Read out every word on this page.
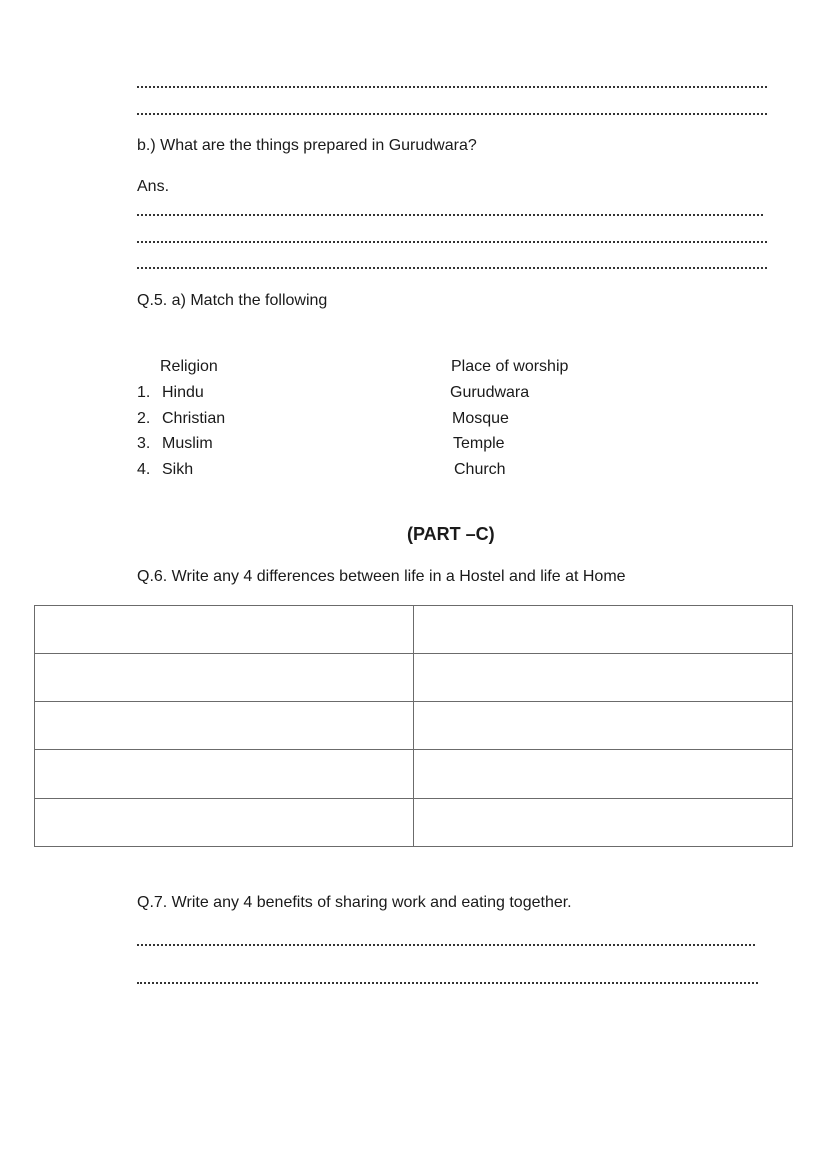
b.) What are the things prepared in Gurudwara?
Ans.
Q.5. a) Match the following
Religion	Place of worship
1. Hindu	Gurudwara
2. Christian	Mosque
3. Muslim	Temple
4. Sikh	Church
(PART –C)
Q.6. Write any 4 differences between life in a Hostel and life at Home

Q.7. Write any 4 benefits of sharing work and eating together.
